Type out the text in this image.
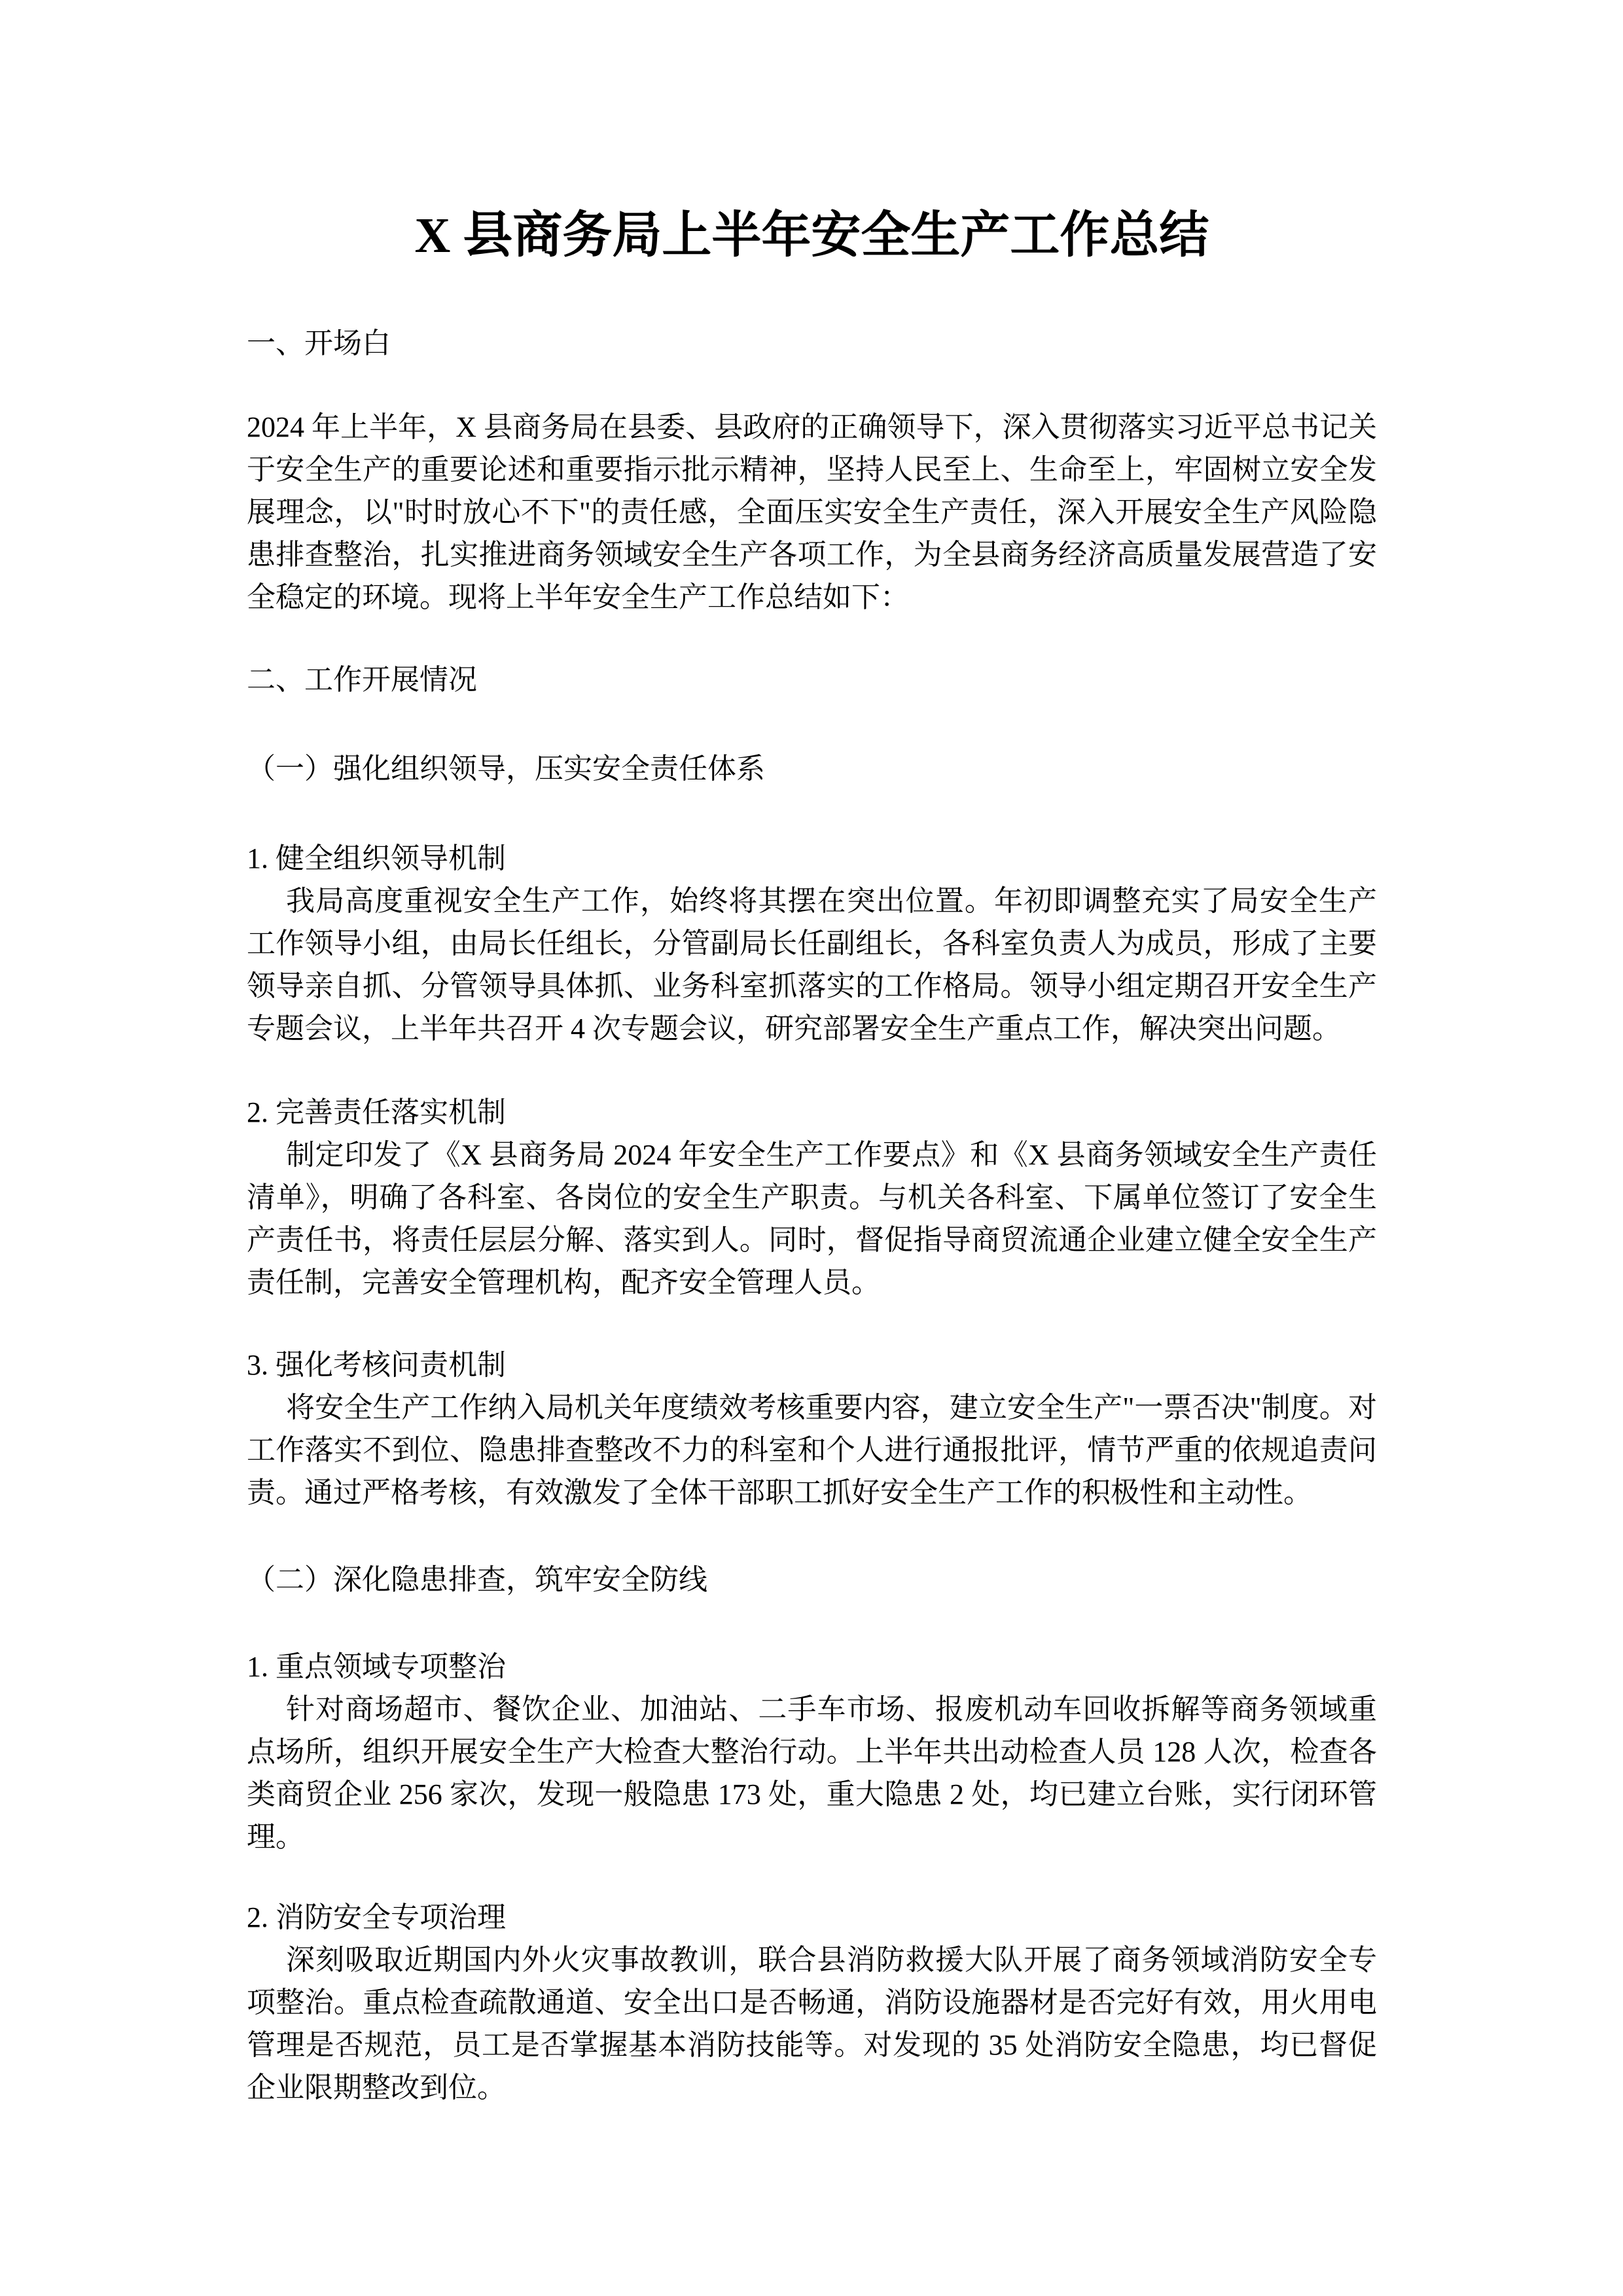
X 县商务局上半年安全生产工作总结
一、开场白

2024 年上半年，X 县商务局在县委、县政府的正确领导下，深入贯彻落实习近平总书记关于安全生产的重要论述和重要指示批示精神，坚持人民至上、生命至上，牢固树立安全发展理念，以"时时放心不下"的责任感，全面压实安全生产责任，深入开展安全生产风险隐患排查整治，扎实推进商务领域安全生产各项工作，为全县商务经济高质量发展营造了安全稳定的环境。现将上半年安全生产工作总结如下：

二、工作开展情况
（一）强化组织领导，压实安全责任体系
1. 健全组织领导机制

我局高度重视安全生产工作，始终将其摆在突出位置。年初即调整充实了局安全生产工作领导小组，由局长任组长，分管副局长任副组长，各科室负责人为成员，形成了主要领导亲自抓、分管领导具体抓、业务科室抓落实的工作格局。领导小组定期召开安全生产专题会议，上半年共召开 4 次专题会议，研究部署安全生产重点工作，解决突出问题。

2. 完善责任落实机制

制定印发了《X 县商务局 2024 年安全生产工作要点》和《X 县商务领域安全生产责任清单》，明确了各科室、各岗位的安全生产职责。与机关各科室、下属单位签订了安全生产责任书，将责任层层分解、落实到人。同时，督促指导商贸流通企业建立健全安全生产责任制，完善安全管理机构，配齐安全管理人员。

3. 强化考核问责机制

将安全生产工作纳入局机关年度绩效考核重要内容，建立安全生产"一票否决"制度。对工作落实不到位、隐患排查整改不力的科室和个人进行通报批评，情节严重的依规追责问责。通过严格考核，有效激发了全体干部职工抓好安全生产工作的积极性和主动性。

（二）深化隐患排查，筑牢安全防线
1. 重点领域专项整治

针对商场超市、餐饮企业、加油站、二手车市场、报废机动车回收拆解等商务领域重点场所，组织开展安全生产大检查大整治行动。上半年共出动检查人员 128 人次，检查各类商贸企业 256 家次，发现一般隐患 173 处，重大隐患 2 处，均已建立台账，实行闭环管理。

2. 消防安全专项治理

深刻吸取近期国内外火灾事故教训，联合县消防救援大队开展了商务领域消防安全专项整治。重点检查疏散通道、安全出口是否畅通，消防设施器材是否完好有效，用火用电管理是否规范，员工是否掌握基本消防技能等。对发现的 35 处消防安全隐患，均已督促企业限期整改到位。
